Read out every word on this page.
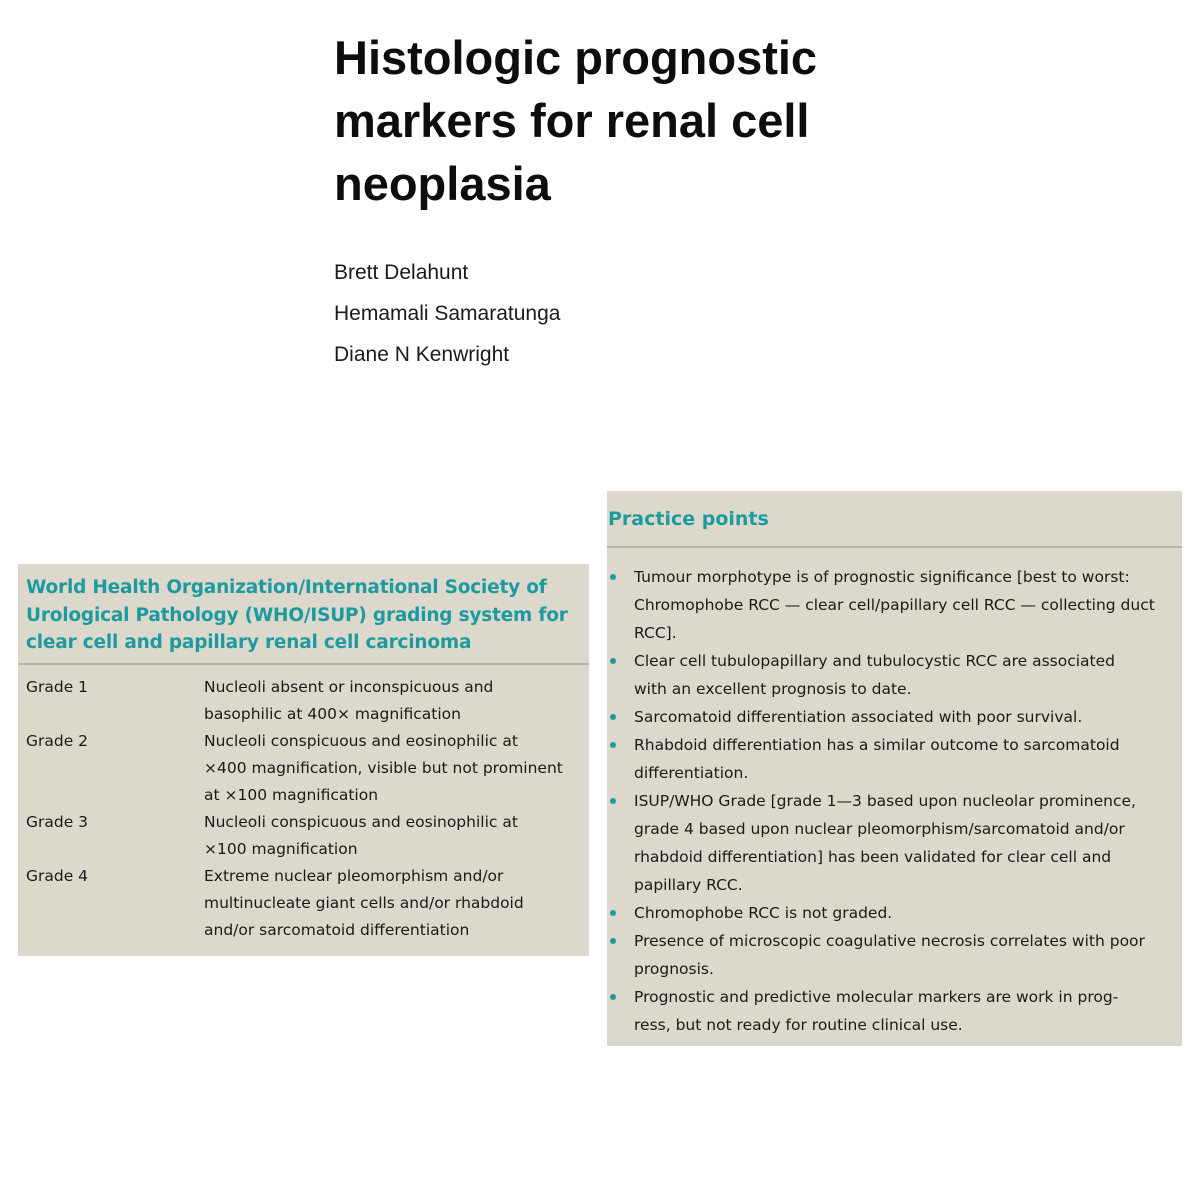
Histologic prognostic
markers for renal cell
neoplasia
Brett Delahunt
Hemamali Samaratunga
Diane N Kenwright
World Health Organization/International Society of
Urological Pathology (WHO/ISUP) grading system for
clear cell and papillary renal cell carcinoma
Grade 1	Nucleoli absent or inconspicuous and
basophilic at 400× magnification
Grade 2	Nucleoli conspicuous and eosinophilic at
×400 magnification, visible but not prominent
at ×100 magnification
Grade 3	Nucleoli conspicuous and eosinophilic at
×100 magnification
Grade 4	Extreme nuclear pleomorphism and/or
multinucleate giant cells and/or rhabdoid
and/or sarcomatoid differentiation
Practice points
Tumour morphotype is of prognostic significance [best to worst:
Chromophobe RCC — clear cell/papillary cell RCC — collecting duct
RCC].
Clear cell tubulopapillary and tubulocystic RCC are associated
with an excellent prognosis to date.
Sarcomatoid differentiation associated with poor survival.
Rhabdoid differentiation has a similar outcome to sarcomatoid
differentiation.
ISUP/WHO Grade [grade 1—3 based upon nucleolar prominence,
grade 4 based upon nuclear pleomorphism/sarcomatoid and/or
rhabdoid differentiation] has been validated for clear cell and
papillary RCC.
Chromophobe RCC is not graded.
Presence of microscopic coagulative necrosis correlates with poor
prognosis.
Prognostic and predictive molecular markers are work in prog-
ress, but not ready for routine clinical use.
